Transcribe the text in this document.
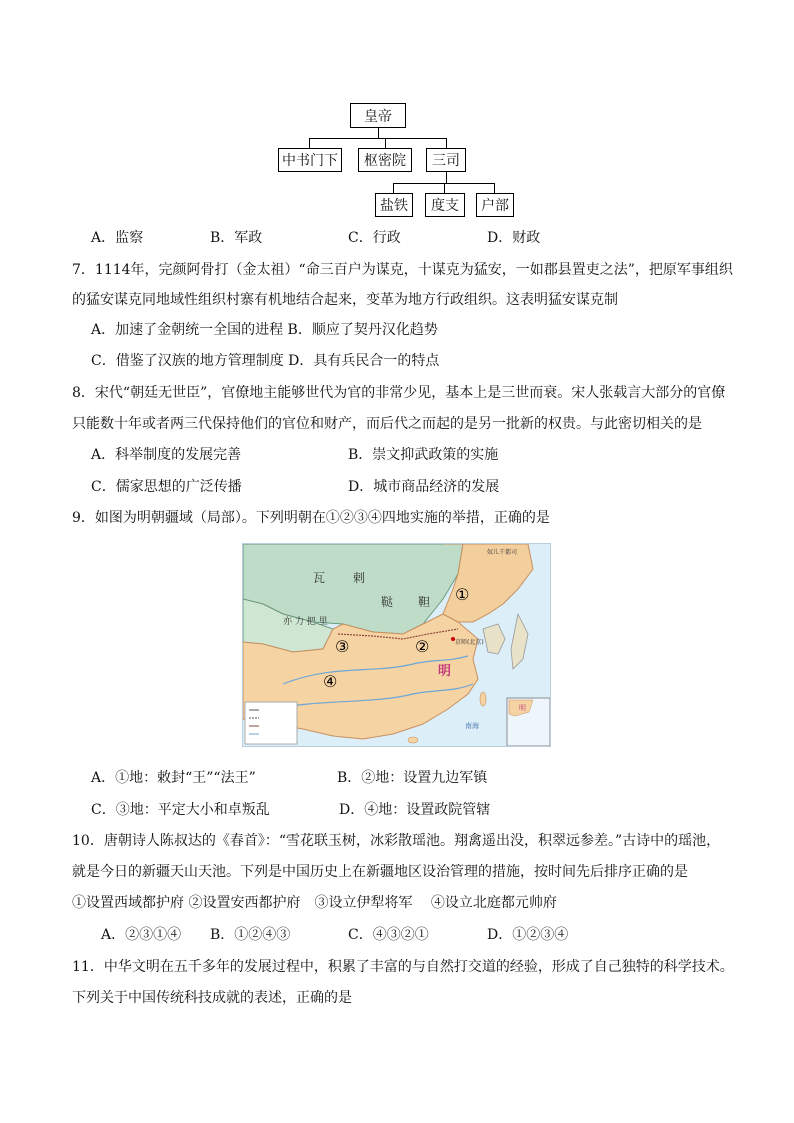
皇帝
中书门下	枢密院	三司
盐铁	度支	户部
A．监察	B．军政	C．行政	D．财政
7．1114年，完颜阿骨打（金太祖）“命三百户为谋克，十谋克为猛安，一如郡县置吏之法”，把原军事组织
的猛安谋克同地域性组织村寨有机地结合起来，变革为地方行政组织。这表明猛安谋克制
A．加速了金朝统一全国的进程 B．顺应了契丹汉化趋势
C．借鉴了汉族的地方管理制度 D．具有兵民合一的特点
8．宋代“朝廷无世臣”，官僚地主能够世代为官的非常少见，基本上是三世而衰。宋人张载言大部分的官僚
只能数十年或者两三代保持他们的官位和财产，而后代之而起的是另一批新的权贵。与此密切相关的是
A．科举制度的发展完善	B．崇文抑武政策的实施
C．儒家思想的广泛传播	D．城市商品经济的发展
9．如图为明朝疆域（局部）。下列明朝在①②③④四地实施的举措，正确的是
瓦 剌
鞑 靼
亦 力 把 里
明
京师(北京)
奴儿干都司
南海
明
①
②
③
④
A．①地：敕封“王”“法王”	B．②地：设置九边军镇
C．③地：平定大小和卓叛乱	D．④地：设置政院管辖
10．唐朝诗人陈叔达的《春首》：“雪花联玉树，冰彩散瑶池。翔禽遥出没，积翠远参差。”古诗中的瑶池，
就是今日的新疆天山天池。下列是中国历史上在新疆地区设治管理的措施，按时间先后排序正确的是
①设置西域都护府 ②设置安西都护府　③设立伊犁将军　 ④设立北庭都元帅府
A．②③①④ B．①②④③	C．④③②①	D．①②③④
11．中华文明在五千多年的发展过程中，积累了丰富的与自然打交道的经验，形成了自己独特的科学技术。
下列关于中国传统科技成就的表述，正确的是
